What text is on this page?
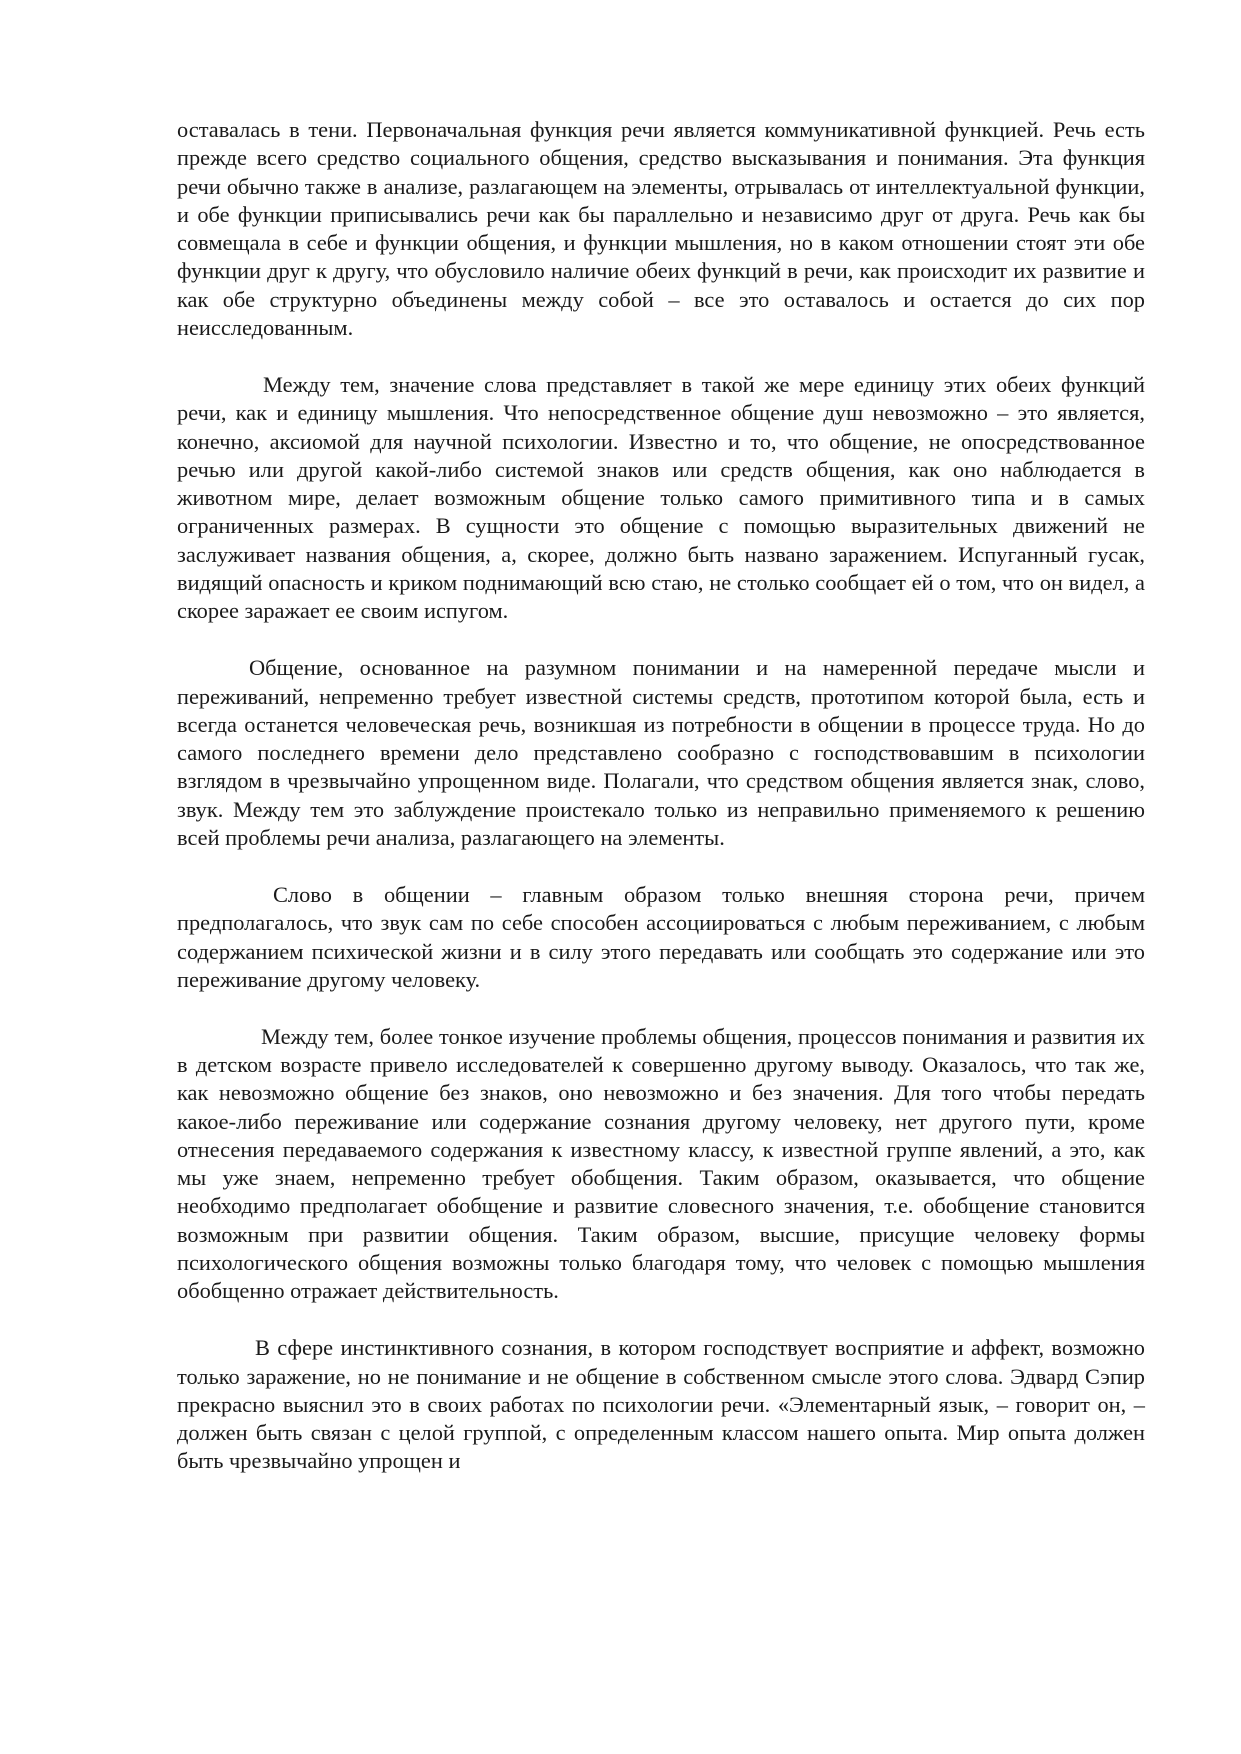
оставалась в тени. Первоначальная функция речи является коммуникативной функцией. Речь есть прежде всего средство социального общения, средство высказывания и понимания. Эта функция речи обычно также в анализе, разлагающем на элементы, отрывалась от интеллектуальной функции, и обе функции приписывались речи как бы параллельно и независимо друг от друга. Речь как бы совмещала в себе и функции общения, и функции мышления, но в каком отношении стоят эти обе функции друг к другу, что обусловило наличие обеих функций в речи, как происходит их развитие и как обе структурно объединены между собой – все это оставалось и остается до сих пор неисследованным.

Между тем, значение слова представляет в такой же мере единицу этих обеих функций речи, как и единицу мышления. Что непосредственное общение душ невозможно – это является, конечно, аксиомой для научной психологии. Известно и то, что общение, не опосредствованное речью или другой какой-либо системой знаков или средств общения, как оно наблюдается в животном мире, делает возможным общение только самого примитивного типа и в самых ограниченных размерах. В сущности это общение с помощью выразительных движений не заслуживает названия общения, а, скорее, должно быть названо заражением. Испуганный гусак, видящий опасность и криком поднимающий всю стаю, не столько сообщает ей о том, что он видел, а скорее заражает ее своим испугом.

Общение, основанное на разумном понимании и на намеренной передаче мысли и переживаний, непременно требует известной системы средств, прототипом которой была, есть и всегда останется человеческая речь, возникшая из потребности в общении в процессе труда. Но до самого последнего времени дело представлено сообразно с господствовавшим в психологии взглядом в чрезвычайно упрощенном виде. Полагали, что средством общения является знак, слово, звук. Между тем это заблуждение проистекало только из неправильно применяемого к решению всей проблемы речи анализа, разлагающего на элементы.

Слово в общении – главным образом только внешняя сторона речи, причем предполагалось, что звук сам по себе способен ассоциироваться с любым переживанием, с любым содержанием психической жизни и в силу этого передавать или сообщать это содержание или это переживание другому человеку.

Между тем, более тонкое изучение проблемы общения, процессов понимания и развития их в детском возрасте привело исследователей к совершенно другому выводу. Оказалось, что так же, как невозможно общение без знаков, оно невозможно и без значения. Для того чтобы передать какое-либо переживание или содержание сознания другому человеку, нет другого пути, кроме отнесения передаваемого содержания к известному классу, к известной группе явлений, а это, как мы уже знаем, непременно требует обобщения. Таким образом, оказывается, что общение необходимо предполагает обобщение и развитие словесного значения, т.е. обобщение становится возможным при развитии общения. Таким образом, высшие, присущие человеку формы психологического общения возможны только благодаря тому, что человек с помощью мышления обобщенно отражает действительность.

В сфере инстинктивного сознания, в котором господствует восприятие и аффект, возможно только заражение, но не понимание и не общение в собственном смысле этого слова. Эдвард Сэпир прекрасно выяснил это в своих работах по психологии речи. «Элементарный язык, – говорит он, – должен быть связан с целой группой, с определенным классом нашего опыта. Мир опыта должен быть чрезвычайно упрощен и
